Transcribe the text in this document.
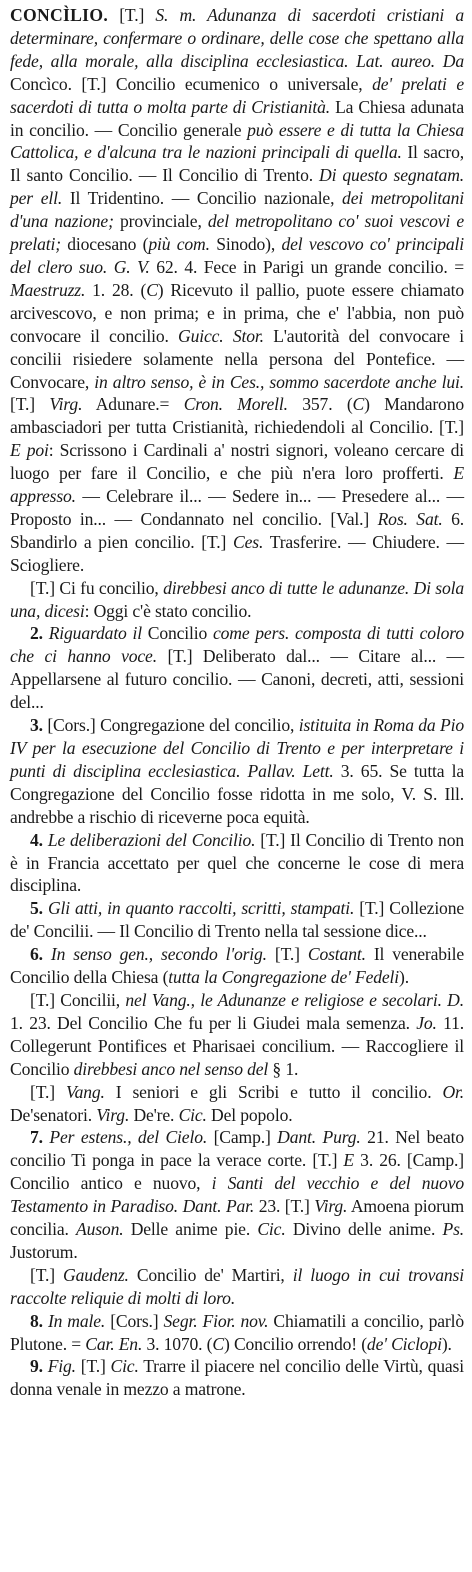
CONCÌLIO. [T.] S. m. Adunanza di sacerdoti cristiani a determinare, confermare o ordinare, delle cose che spettano alla fede, alla morale, alla disciplina ecclesiastica. Lat. aureo. Da Concìco. [T.] Concilio ecumenico o universale, de' prelati e sacerdoti di tutta o molta parte di Cristianità. La Chiesa adunata in concilio. — Concilio generale può essere e di tutta la Chiesa Cattolica, e d'alcuna tra le nazioni principali di quella. Il sacro, Il santo Concilio. — Il Concilio di Trento. Di questo segnatam. per ell. Il Tridentino. — Concilio nazionale, dei metropolitani d'una nazione; provinciale, del metropolitano co' suoi vescovi e prelati; diocesano (più com. Sinodo), del vescovo co' principali del clero suo. G. V. 62. 4. Fece in Parigi un grande concilio. = Maestruzz. 1. 28. (C) Ricevuto il pallio, puote essere chiamato arcivescovo, e non prima; e in prima, che e' l'abbia, non può convocare il concilio. Guicc. Stor. L'autorità del convocare i concilii risiedere solamente nella persona del Pontefice. — Convocare, in altro senso, è in Ces., sommo sacerdote anche lui. [T.] Virg. Adunare.= Cron. Morell. 357. (C) Mandarono ambasciadori per tutta Cristianità, richiedendoli al Concilio. [T.] E poi: Scrissono i Cardinali a' nostri signori, voleano cercare di luogo per fare il Concilio, e che più n'era loro profferti. E appresso. — Celebrare il... — Sedere in... — Presedere al... — Proposto in... — Condannato nel concilio. [Val.] Ros. Sat. 6. Sbandirlo a pien concilio. [T.] Ces. Trasferire. — Chiudere. — Sciogliere.

[T.] Ci fu concilio, direbbesi anco di tutte le adunanze. Di sola una, dicesi: Oggi c'è stato concilio.

2. Riguardato il Concilio come pers. composta di tutti coloro che ci hanno voce. [T.] Deliberato dal... — Citare al... — Appellarsene al futuro concilio. — Canoni, decreti, atti, sessioni del...

3. [Cors.] Congregazione del concilio, istituita in Roma da Pio IV per la esecuzione del Concilio di Trento e per interpretare i punti di disciplina ecclesiastica. Pallav. Lett. 3. 65. Se tutta la Congregazione del Concilio fosse ridotta in me solo, V. S. Ill. andrebbe a rischio di riceverne poca equità.

4. Le deliberazioni del Concilio. [T.] Il Concilio di Trento non è in Francia accettato per quel che concerne le cose di mera disciplina.

5. Gli atti, in quanto raccolti, scritti, stampati. [T.] Collezione de' Concilii. — Il Concilio di Trento nella tal sessione dice...

6. In senso gen., secondo l'orig. [T.] Costant. Il venerabile Concilio della Chiesa (tutta la Congregazione de' Fedeli).

[T.] Concilii, nel Vang., le Adunanze e religiose e secolari. D. 1. 23. Del Concilio Che fu per li Giudei mala semenza. Jo. 11. Collegerunt Pontifices et Pharisaei concilium. — Raccogliere il Concilio direbbesi anco nel senso del § 1.

[T.] Vang. I seniori e gli Scribi e tutto il concilio. Or. De'senatori. Virg. De're. Cic. Del popolo.

7. Per estens., del Cielo. [Camp.] Dant. Purg. 21. Nel beato concilio Ti ponga in pace la verace corte. [T.] E 3. 26. [Camp.] Concilio antico e nuovo, i Santi del vecchio e del nuovo Testamento in Paradiso. Dant. Par. 23. [T.] Virg. Amoena piorum concilia. Auson. Delle anime pie. Cic. Divino delle anime. Ps. Justorum.

[T.] Gaudenz. Concilio de' Martiri, il luogo in cui trovansi raccolte reliquie di molti di loro.

8. In male. [Cors.] Segr. Fior. nov. Chiamatili a concilio, parlò Plutone. = Car. En. 3. 1070. (C) Concilio orrendo! (de' Ciclopi).

9. Fig. [T.] Cic. Trarre il piacere nel concilio delle Virtù, quasi donna venale in mezzo a matrone.
